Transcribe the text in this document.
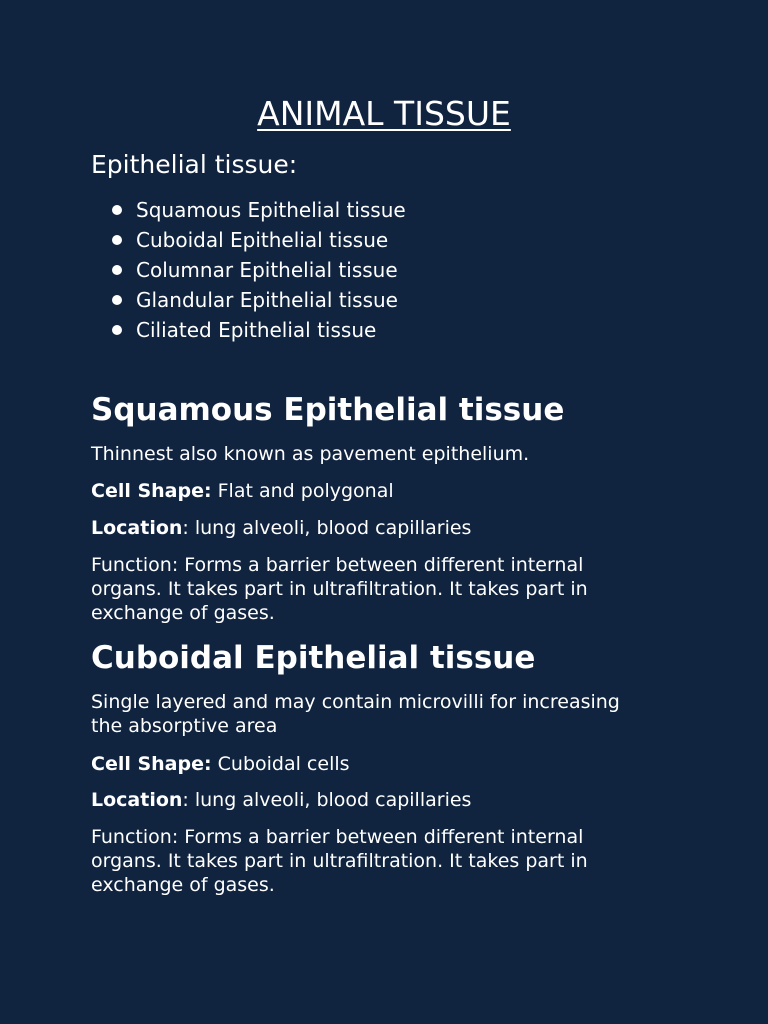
ANIMAL TISSUE
Epithelial tissue:
Squamous Epithelial tissue
Cuboidal Epithelial tissue
Columnar Epithelial tissue
Glandular Epithelial tissue
Ciliated Epithelial tissue
Squamous Epithelial tissue

Thinnest also known as pavement epithelium.

Cell Shape: Flat and polygonal

Location: lung alveoli, blood capillaries

Function: Forms a barrier between different internal
organs. It takes part in ultrafiltration. It takes part in
exchange of gases.

Cuboidal Epithelial tissue

Single layered and may contain microvilli for increasing
the absorptive area

Cell Shape: Cuboidal cells

Location: lung alveoli, blood capillaries

Function: Forms a barrier between different internal
organs. It takes part in ultrafiltration. It takes part in
exchange of gases.
